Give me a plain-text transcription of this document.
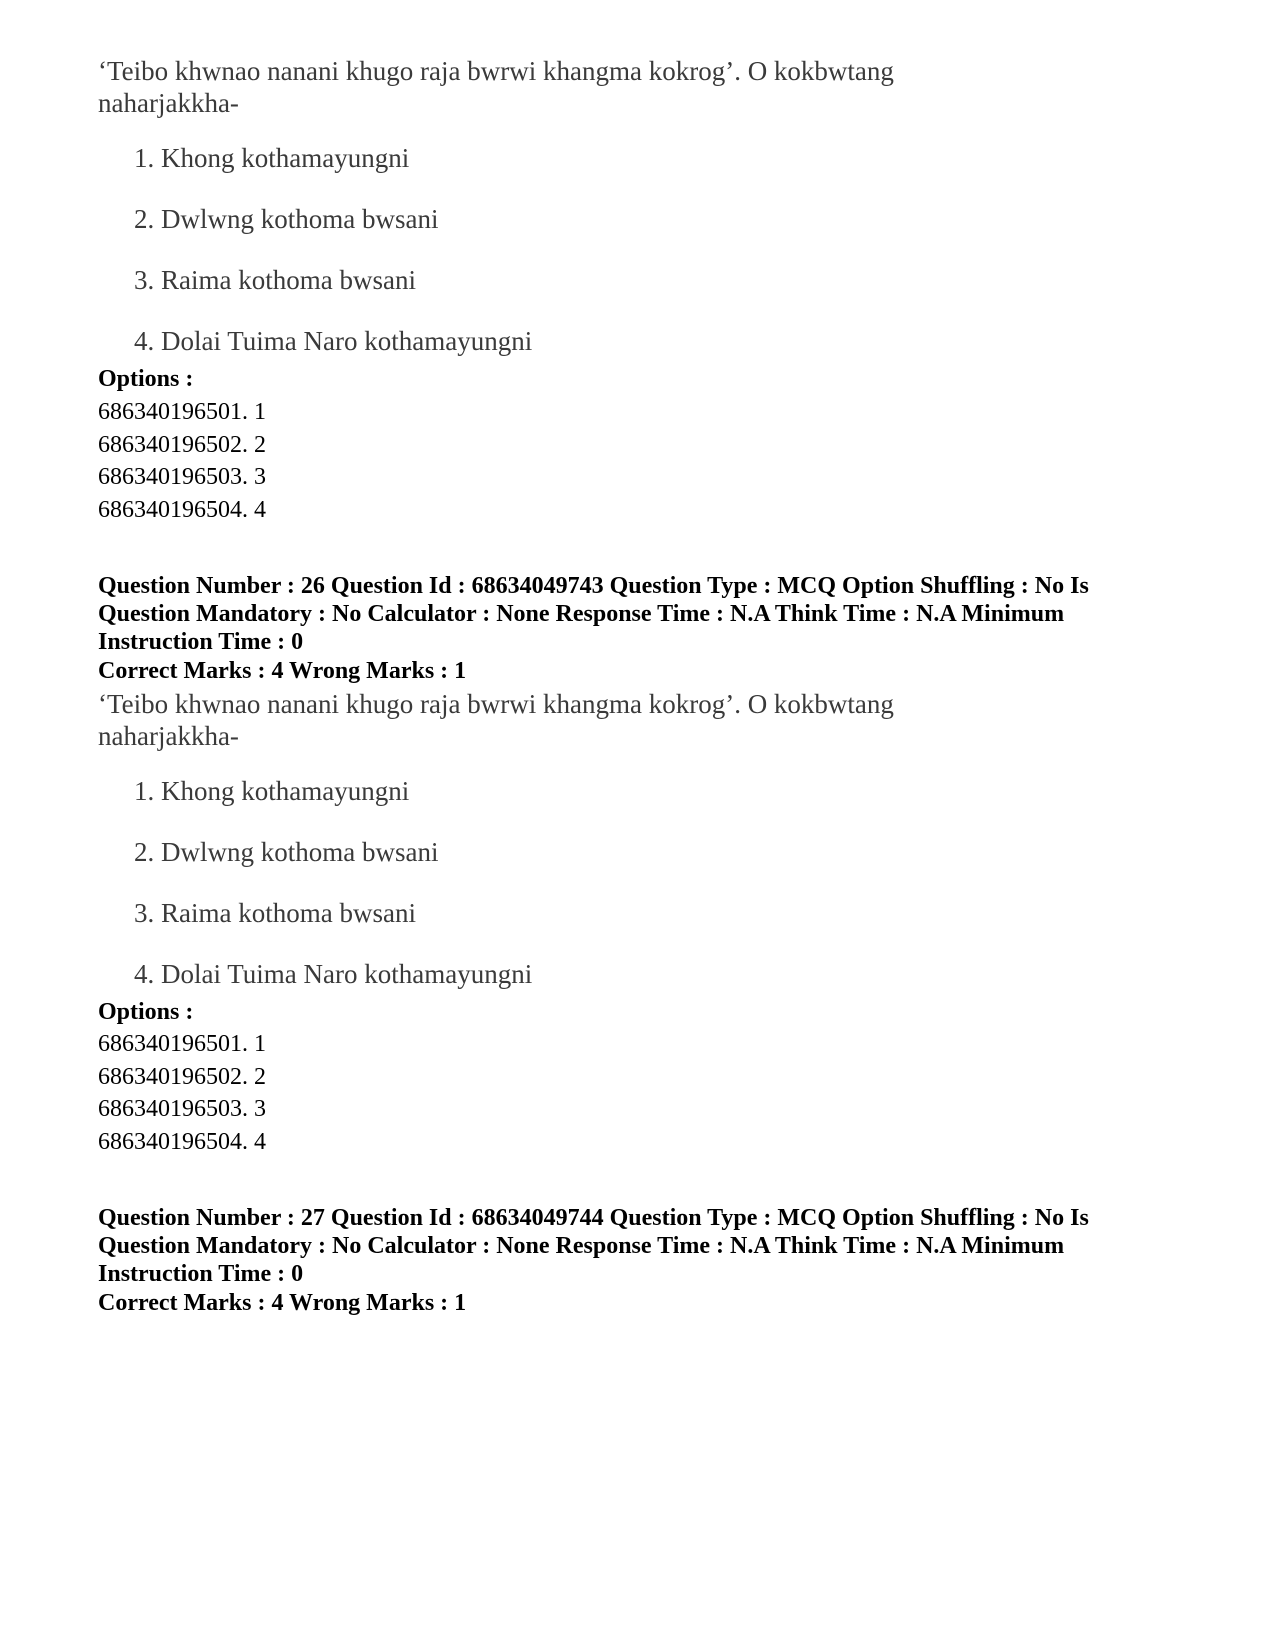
‘Teibo khwnao nanani khugo raja bwrwi khangma kokrog’. O kokbwtang naharjakkha-
1. Khong kothamayungni
2. Dwlwng kothoma bwsani
3. Raima kothoma bwsani
4. Dolai Tuima Naro kothamayungni
Options :
686340196501. 1
686340196502. 2
686340196503. 3
686340196504. 4
Question Number : 26 Question Id : 68634049743 Question Type : MCQ Option Shuffling : No Is Question Mandatory : No Calculator : None Response Time : N.A Think Time : N.A Minimum Instruction Time : 0
Correct Marks : 4 Wrong Marks : 1
‘Teibo khwnao nanani khugo raja bwrwi khangma kokrog’. O kokbwtang naharjakkha-
1. Khong kothamayungni
2. Dwlwng kothoma bwsani
3. Raima kothoma bwsani
4. Dolai Tuima Naro kothamayungni
Options :
686340196501. 1
686340196502. 2
686340196503. 3
686340196504. 4
Question Number : 27 Question Id : 68634049744 Question Type : MCQ Option Shuffling : No Is Question Mandatory : No Calculator : None Response Time : N.A Think Time : N.A Minimum Instruction Time : 0
Correct Marks : 4 Wrong Marks : 1
